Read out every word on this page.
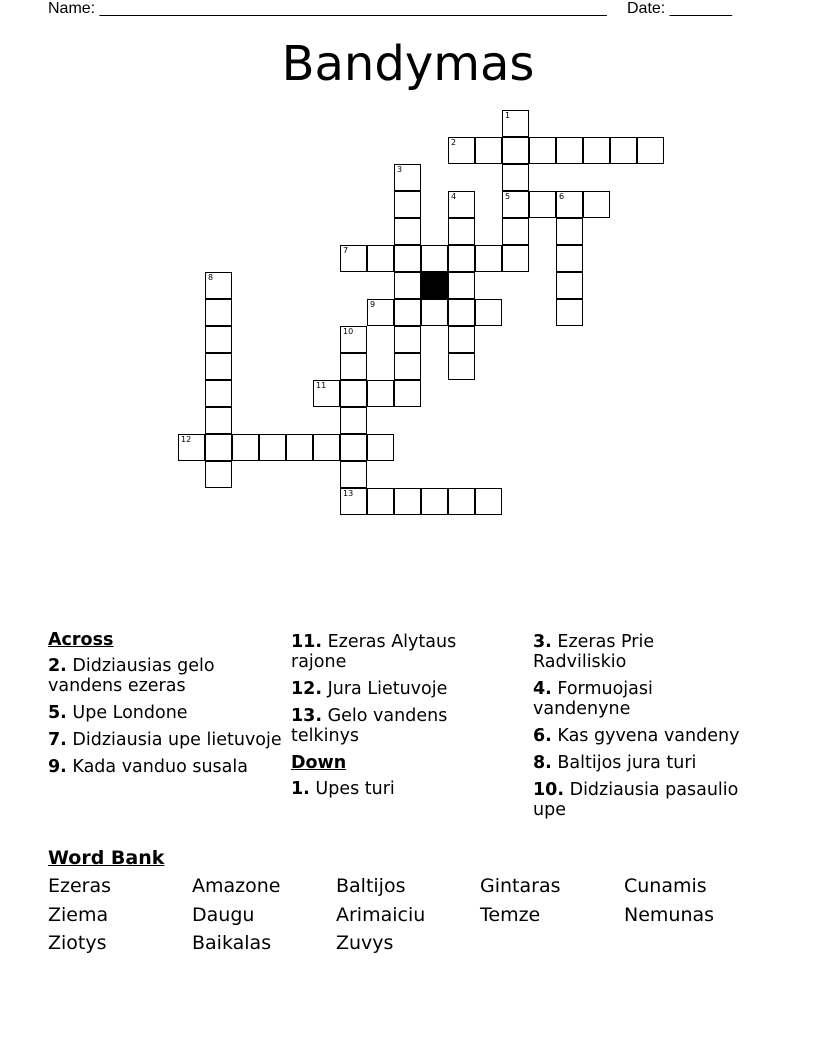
Name: _________________________________________________________ Date: _______
Bandymas
1
2
3
4	5	6
7
8
9
10
11
12
13
Across
2. Didziausias gelo vandens ezeras
5. Upe Londone
7. Didziausia upe lietuvoje
9. Kada vanduo susala
11. Ezeras Alytaus rajone
12. Jura Lietuvoje
13. Gelo vandens telkinys
Down
1. Upes turi
3. Ezeras Prie Radviliskio
4. Formuojasi vandenyne
6. Kas gyvena vandeny
8. Baltijos jura turi
10. Didziausia pasaulio upe
Word Bank
Ezeras	Amazone	Baltijos	Gintaras	Cunamis
Ziema	Daugu	Arimaiciu	Temze	Nemunas
Ziotys	Baikalas	Zuvys
